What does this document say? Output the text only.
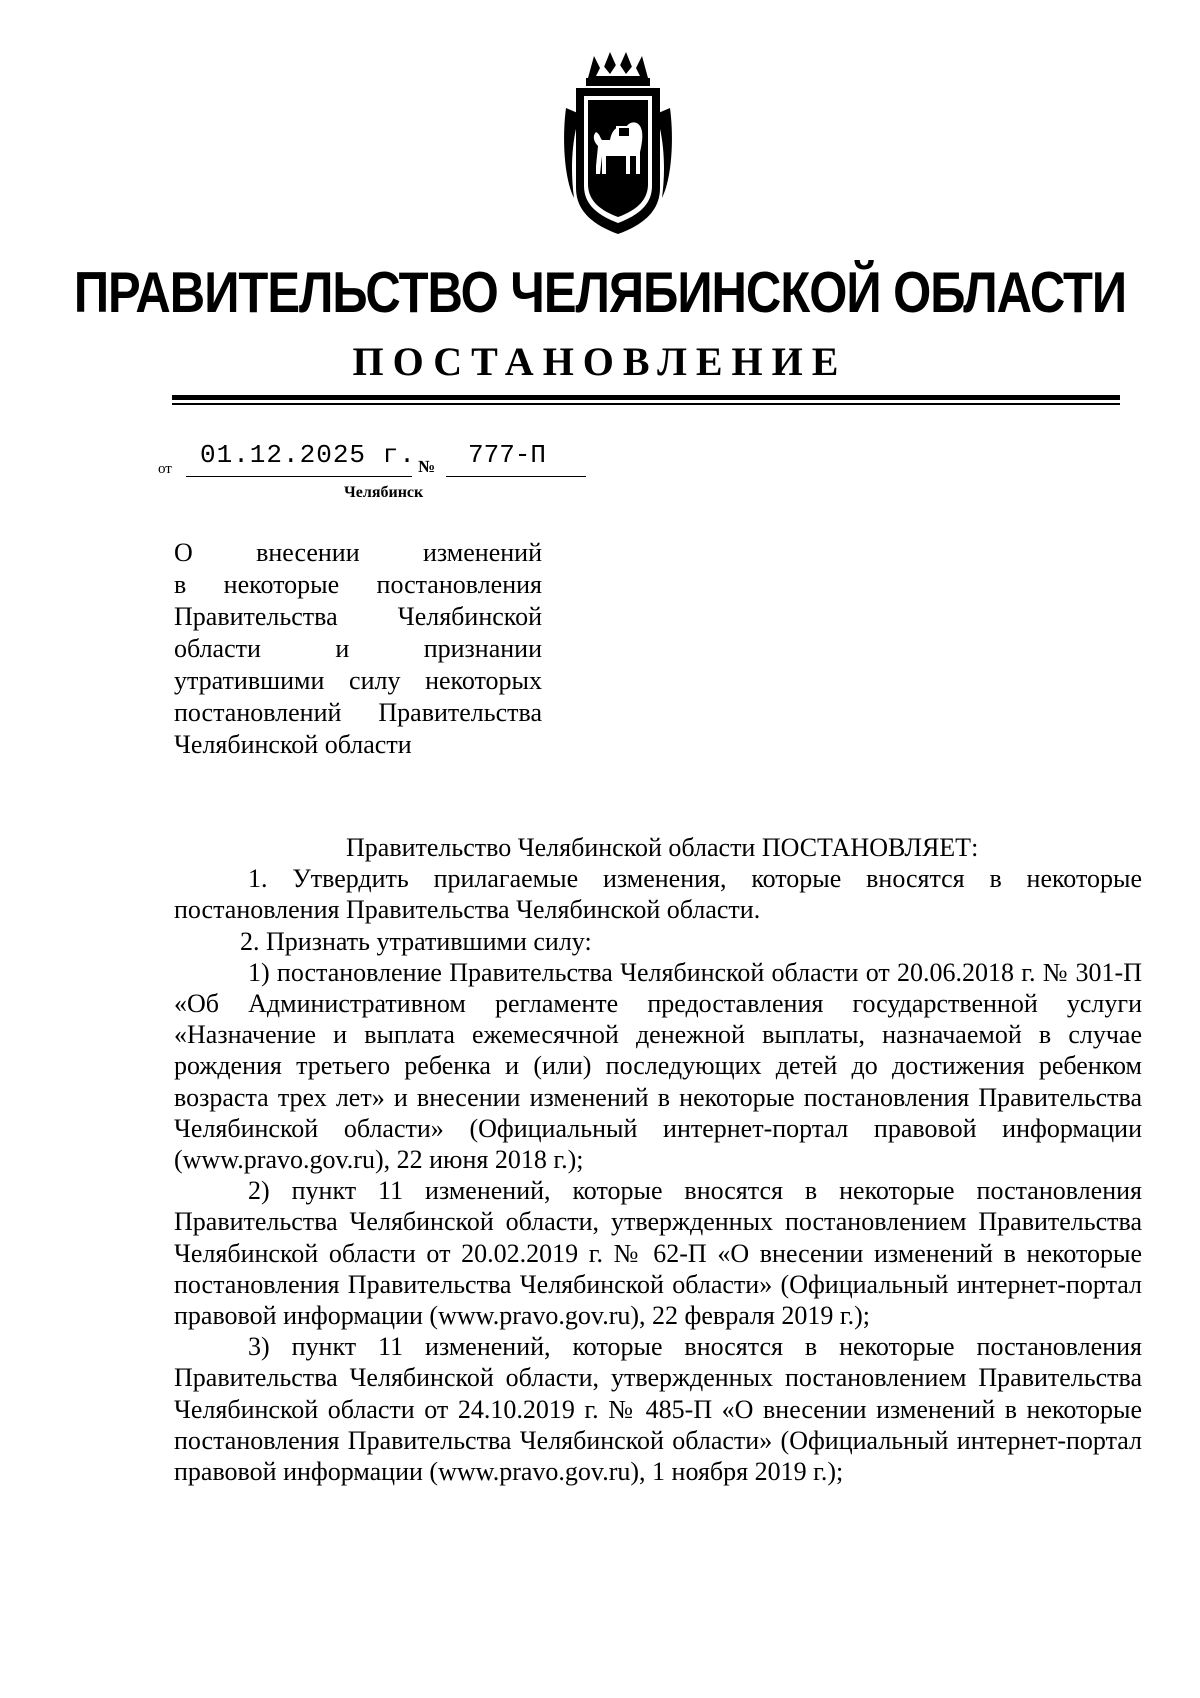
ПРАВИТЕЛЬСТВО ЧЕЛЯБИНСКОЙ ОБЛАСТИ
ПОСТАНОВЛЕНИЕ
от 01.12.2025 г. № 777-П
Челябинск
О внесении изменений
в некоторые постановления
Правительства Челябинской
области и признании
утратившими силу некоторых
постановлений Правительства
Челябинской области

Правительство Челябинской области ПОСТАНОВЛЯЕТ:

1. Утвердить прилагаемые изменения, которые вносятся в некоторые постановления Правительства Челябинской области.

2. Признать утратившими силу:

1) постановление Правительства Челябинской области от 20.06.2018 г. № 301-П «Об Административном регламенте предоставления государственной услуги «Назначение и выплата ежемесячной денежной выплаты, назначаемой в случае рождения третьего ребенка и (или) последующих детей до достижения ребенком возраста трех лет» и внесении изменений в некоторые постановления Правительства Челябинской области» (Официальный интернет-портал правовой информации (www.pravo.gov.ru), 22 июня 2018 г.);

2) пункт 11 изменений, которые вносятся в некоторые постановления Правительства Челябинской области, утвержденных постановлением Правительства Челябинской области от 20.02.2019 г. № 62-П «О внесении изменений в некоторые постановления Правительства Челябинской области» (Официальный интернет-портал правовой информации (www.pravo.gov.ru), 22 февраля 2019 г.);

3) пункт 11 изменений, которые вносятся в некоторые постановления Правительства Челябинской области, утвержденных постановлением Правительства Челябинской области от 24.10.2019 г. № 485-П «О внесении изменений в некоторые постановления Правительства Челябинской области» (Официальный интернет-портал правовой информации (www.pravo.gov.ru), 1 ноября 2019 г.);
